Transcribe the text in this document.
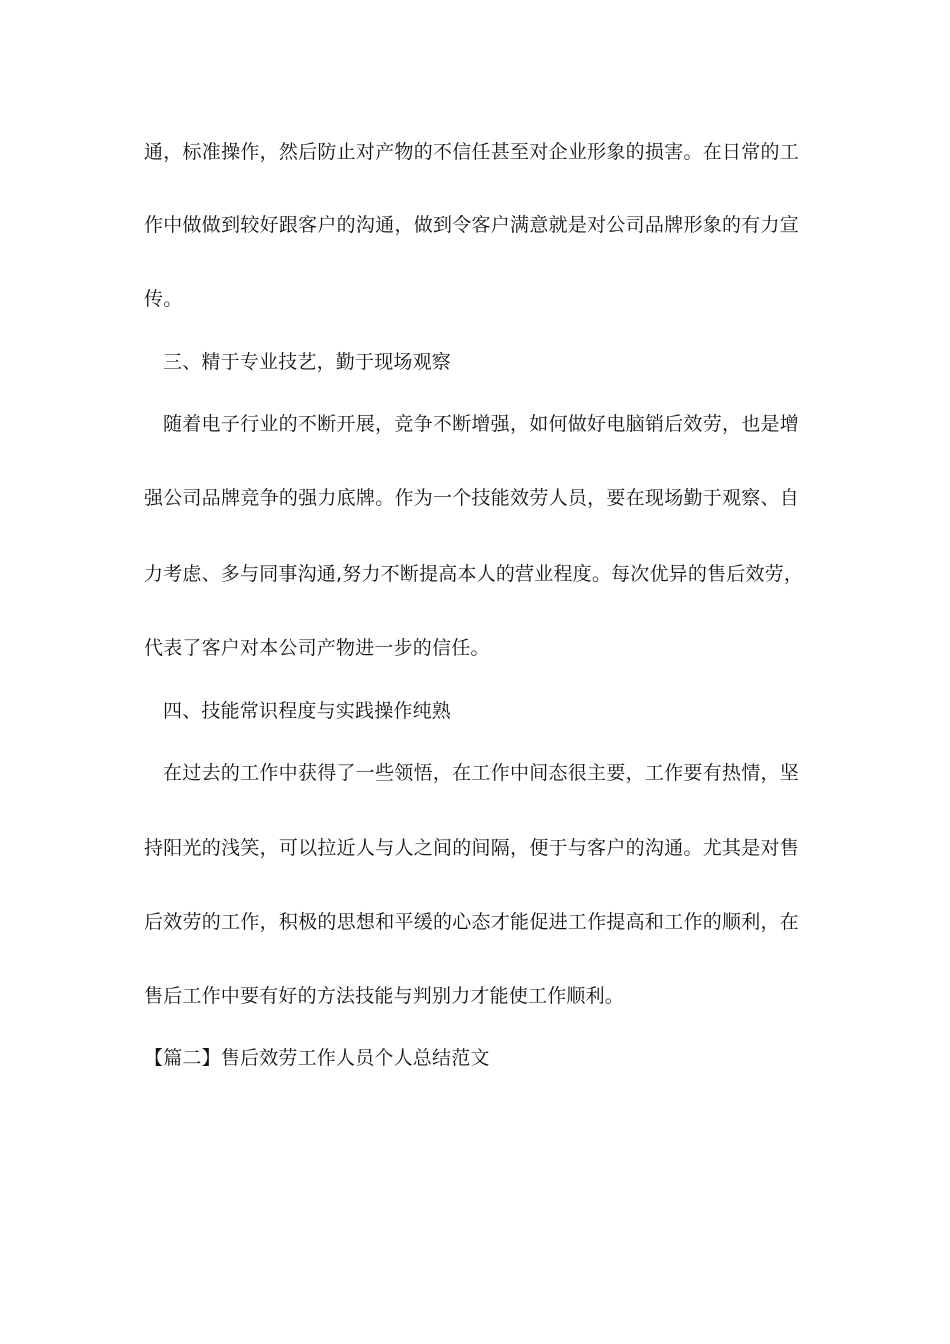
通，标准操作，然后防止对产物的不信任甚至对企业形象的损害。在日常的工
作中做做到较好跟客户的沟通，做到令客户满意就是对公司品牌形象的有力宣
传。
三、精于专业技艺，勤于现场观察
随着电子行业的不断开展，竞争不断增强，如何做好电脑销后效劳，也是增
强公司品牌竞争的强力底牌。作为一个技能效劳人员，要在现场勤于观察、自
力考虑、多与同事沟通,努力不断提高本人的营业程度。每次优异的售后效劳，
代表了客户对本公司产物进一步的信任。
四、技能常识程度与实践操作纯熟
在过去的工作中获得了一些领悟，在工作中间态很主要，工作要有热情，坚
持阳光的浅笑，可以拉近人与人之间的间隔，便于与客户的沟通。尤其是对售
后效劳的工作，积极的思想和平缓的心态才能促进工作提高和工作的顺利，在
售后工作中要有好的方法技能与判别力才能使工作顺利。
【篇二】售后效劳工作人员个人总结范文
